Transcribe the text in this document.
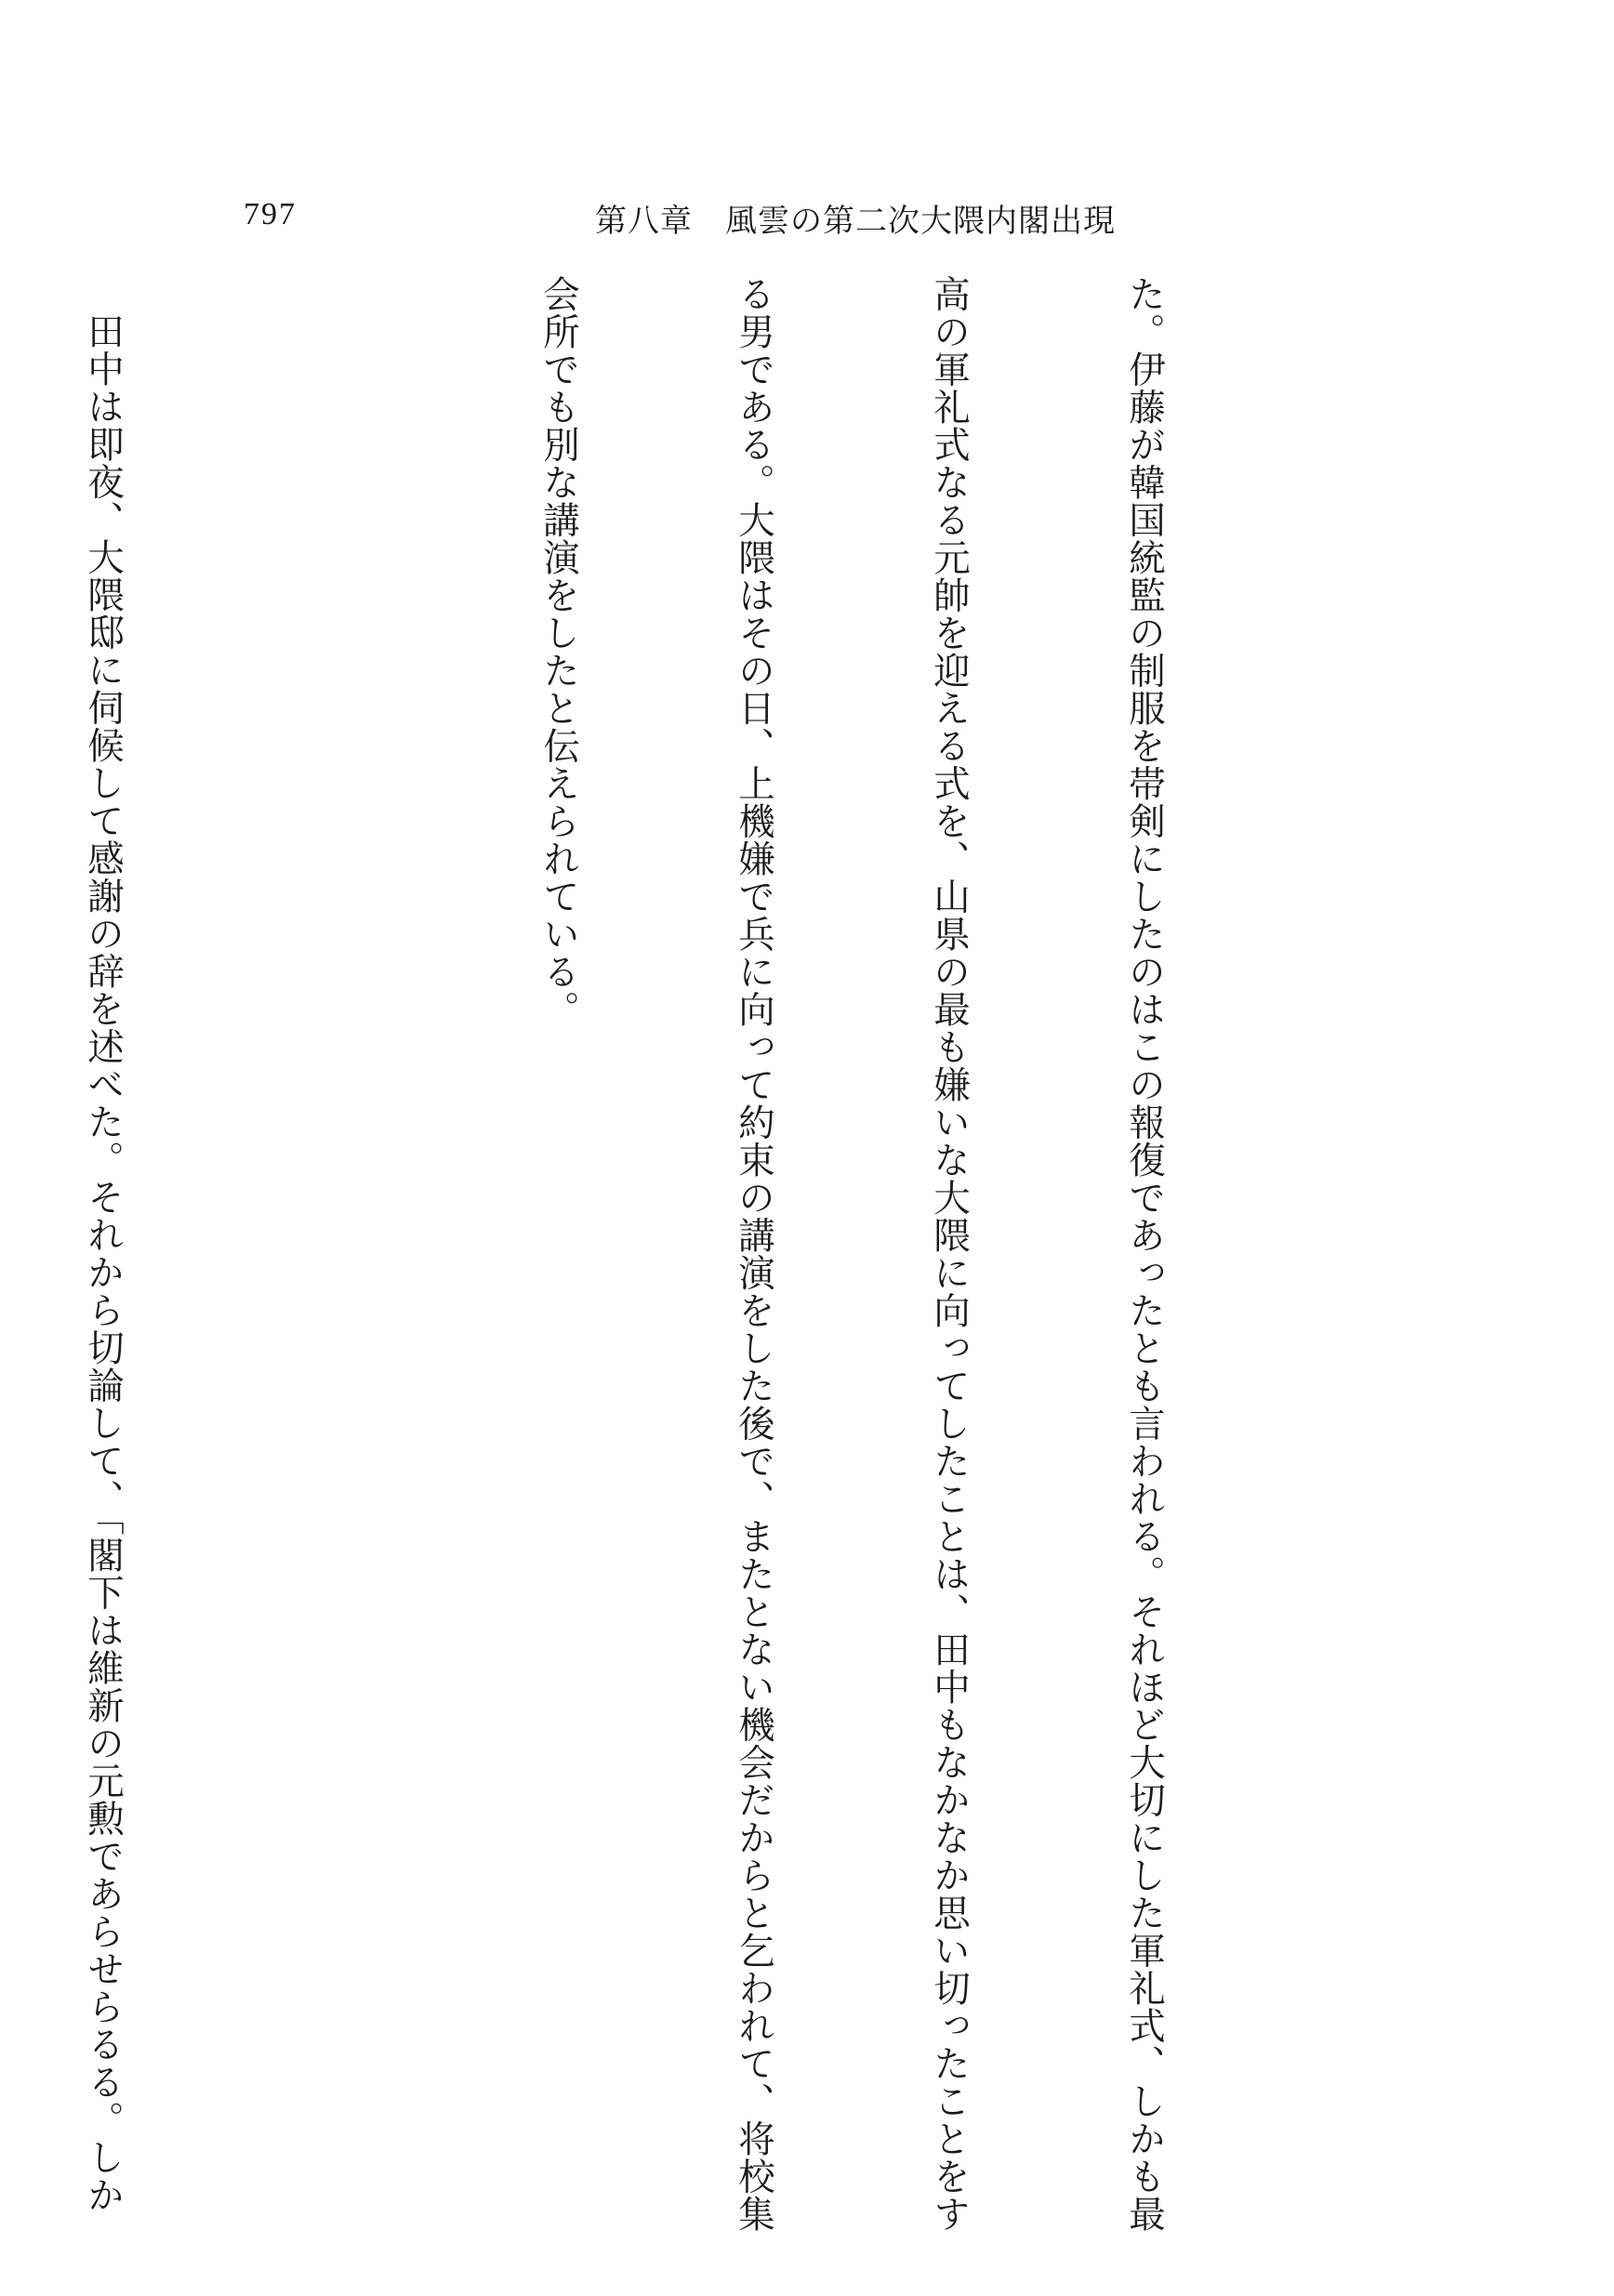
797	第八章　風雲の第二次大隈内閣出現

た。伊藤が韓国統監の制服を帯剣にしたのはこの報復であったとも言われる。それほど大切にした軍礼式、しかも最

高の軍礼式なる元帥を迎える式を、山県の最も嫌いな大隈に向ってしたことは、田中もなかなか思い切ったことをす

る男である。大隈はその日、上機嫌で兵に向って約束の講演をした後で、またとない機会だからと乞われて、将校集

会所でも別な講演をしたと伝えられている。

田中は即夜、大隈邸に伺候して感謝の辞を述べた。それから切論して、「閣下は維新の元勲であらせらるる。しか
